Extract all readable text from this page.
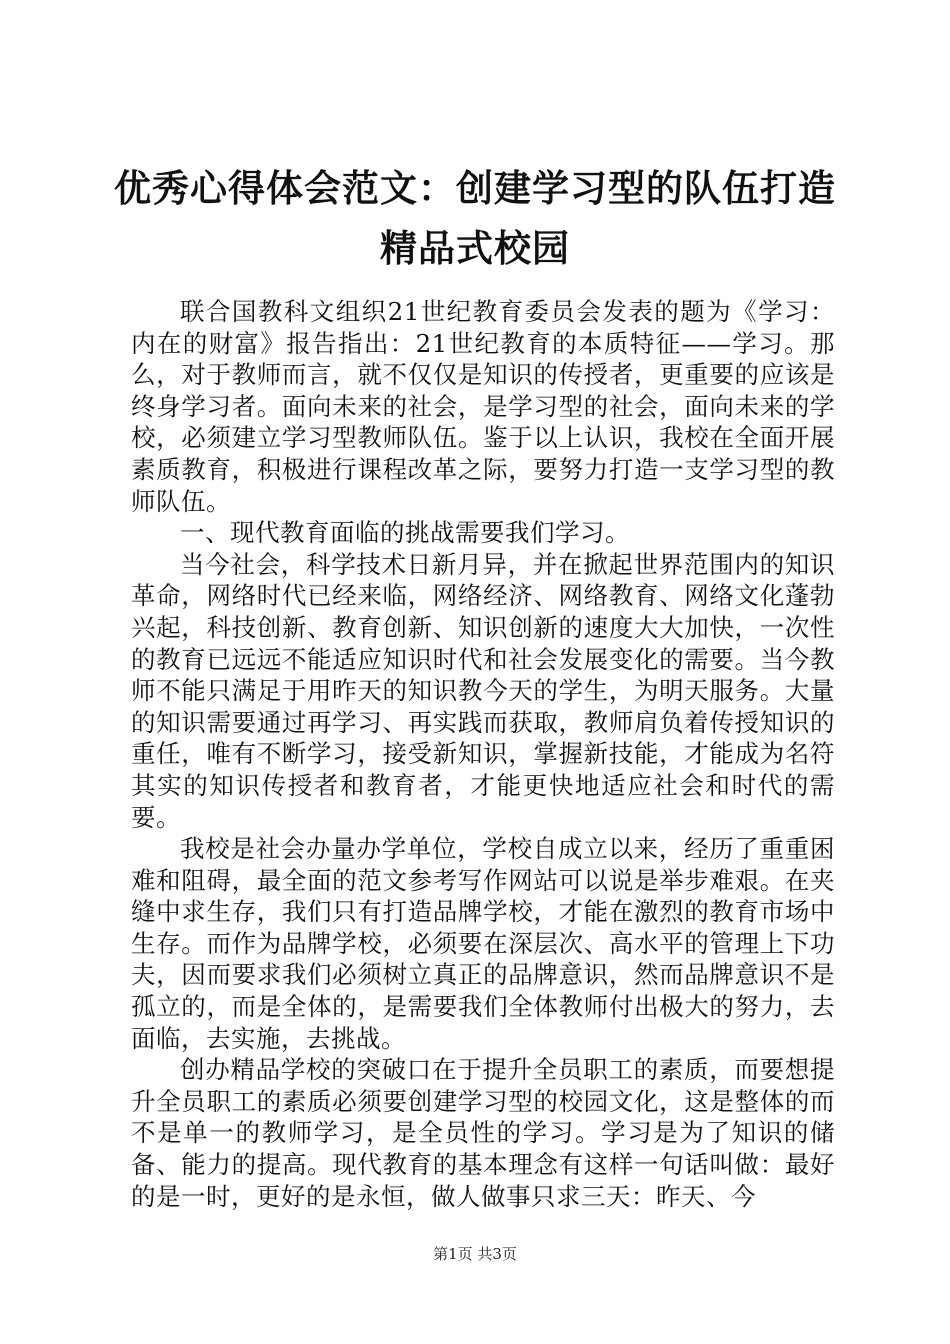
优秀心得体会范文：创建学习型的队伍打造精品式校园

联合国教科文组织21世纪教育委员会发表的题为《学习：内在的财富》报告指出：21世纪教育的本质特征——学习。那么，对于教师而言，就不仅仅是知识的传授者，更重要的应该是终身学习者。面向未来的社会，是学习型的社会，面向未来的学校，必须建立学习型教师队伍。鉴于以上认识，我校在全面开展素质教育，积极进行课程改革之际，要努力打造一支学习型的教师队伍。

一、现代教育面临的挑战需要我们学习。

当今社会，科学技术日新月异，并在掀起世界范围内的知识革命，网络时代已经来临，网络经济、网络教育、网络文化蓬勃兴起，科技创新、教育创新、知识创新的速度大大加快，一次性的教育已远远不能适应知识时代和社会发展变化的需要。当今教师不能只满足于用昨天的知识教今天的学生，为明天服务。大量的知识需要通过再学习、再实践而获取，教师肩负着传授知识的重任，唯有不断学习，接受新知识，掌握新技能，才能成为名符其实的知识传授者和教育者，才能更快地适应社会和时代的需要。

我校是社会办量办学单位，学校自成立以来，经历了重重困难和阻碍，最全面的范文参考写作网站可以说是举步难艰。在夹缝中求生存，我们只有打造品牌学校，才能在激烈的教育市场中生存。而作为品牌学校，必须要在深层次、高水平的管理上下功夫，因而要求我们必须树立真正的品牌意识，然而品牌意识不是孤立的，而是全体的，是需要我们全体教师付出极大的努力，去面临，去实施，去挑战。

创办精品学校的突破口在于提升全员职工的素质，而要想提升全员职工的素质必须要创建学习型的校园文化，这是整体的而不是单一的教师学习，是全员性的学习。学习是为了知识的储备、能力的提高。现代教育的基本理念有这样一句话叫做：最好的是一时，更好的是永恒，做人做事只求三天：昨天、今

第1页 共3页
